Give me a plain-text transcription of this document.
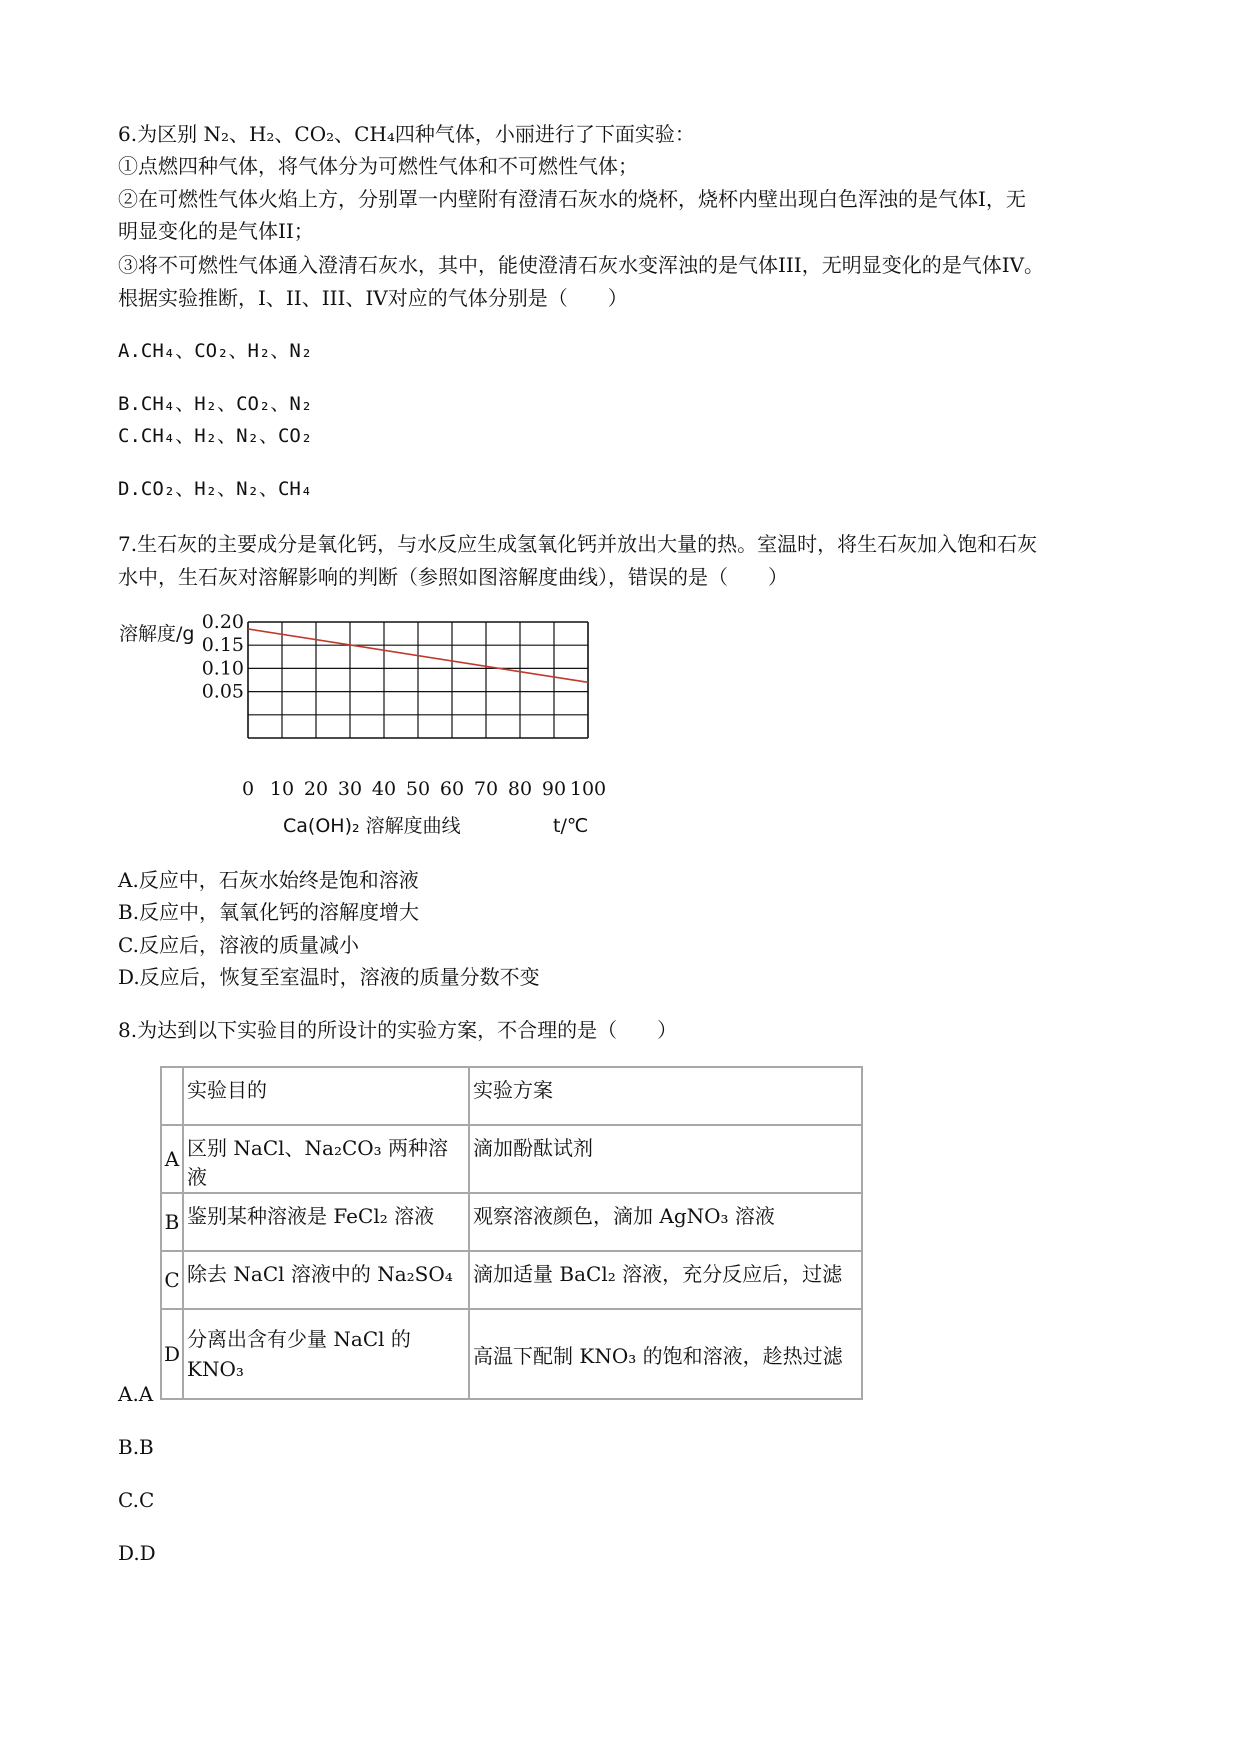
6.为区别 N₂、H₂、CO₂、CH₄四种气体，小丽进行了下面实验：
①点燃四种气体，将气体分为可燃性气体和不可燃性气体；
②在可燃性气体火焰上方，分别罩一内壁附有澄清石灰水的烧杯，烧杯内壁出现白色浑浊的是气体I，无
明显变化的是气体II；
③将不可燃性气体通入澄清石灰水，其中，能使澄清石灰水变浑浊的是气体III，无明显变化的是气体IV。
根据实验推断，I、II、III、IV对应的气体分别是（　　）
A.CH₄、CO₂、H₂、N₂
B.CH₄、H₂、CO₂、N₂
C.CH₄、H₂、N₂、CO₂
D.CO₂、H₂、N₂、CH₄
7.生石灰的主要成分是氧化钙，与水反应生成氢氧化钙并放出大量的热。室温时，将生石灰加入饱和石灰
水中，生石灰对溶解影响的判断（参照如图溶解度曲线），错误的是（　　）
0.20
0.15
0.10
0.05
0 10 20 30 40 50 60 70 80 90 100
溶解度/g
Ca(OH)₂ 溶解度曲线	t/℃
A.反应中，石灰水始终是饱和溶液
B.反应中，氧氧化钙的溶解度增大
C.反应后，溶液的质量减小
D.反应后，恢复至室温时，溶液的质量分数不变
8.为达到以下实验目的所设计的实验方案，不合理的是（　　）
	实验目的	实验方案
A	区别 NaCl、Na₂CO₃ 两种溶液	滴加酚酞试剂
B	鉴别某种溶液是 FeCl₂ 溶液	观察溶液颜色，滴加 AgNO₃ 溶液
C	除去 NaCl 溶液中的 Na₂SO₄	滴加适量 BaCl₂ 溶液，充分反应后，过滤
D	分离出含有少量 NaCl 的 KNO₃	高温下配制 KNO₃ 的饱和溶液，趁热过滤
A.A
B.B
C.C
D.D
